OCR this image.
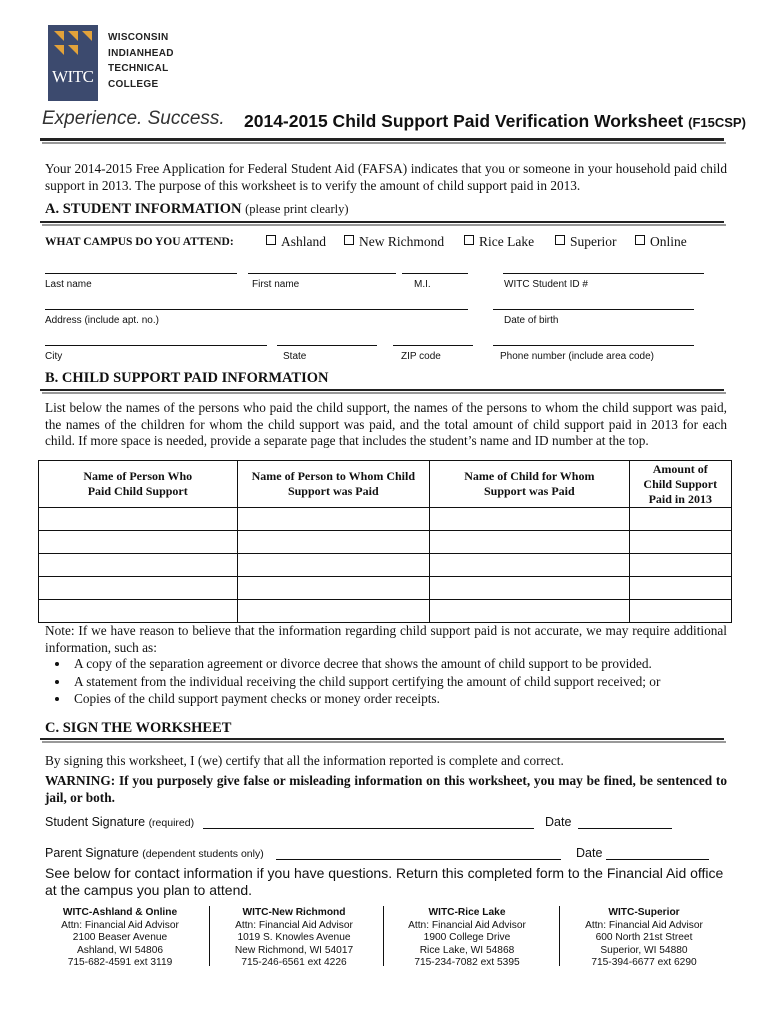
WITC
WISCONSIN
INDIANHEAD
TECHNICAL
COLLEGE
Experience. Success. 2014-2015 Child Support Paid Verification Worksheet (F15CSP)
Your 2014-2015 Free Application for Federal Student Aid (FAFSA) indicates that you or someone in your household paid child support in 2013. The purpose of this worksheet is to verify the amount of child support paid in 2013.
A. STUDENT INFORMATION (please print clearly)
WHAT CAMPUS DO YOU ATTEND:	Ashland	New Richmond	Rice Lake	Superior	Online
Last name	First name	M.I.	WITC Student ID #
Address (include apt. no.)	Date of birth
City	State	ZIP code	Phone number (include area code)
B. CHILD SUPPORT PAID INFORMATION
List below the names of the persons who paid the child support, the names of the persons to whom the child support was paid, the names of the children for whom the child support was paid, and the total amount of child support paid in 2013 for each child. If more space is needed, provide a separate page that includes the student’s name and ID number at the top.
Name of Person Who Paid Child Support	Name of Person to Whom Child Support was Paid	Name of Child for Whom Support was Paid	Amount of Child Support Paid in 2013

Note: If we have reason to believe that the information regarding child support paid is not accurate, we may require additional information, such as:
• A copy of the separation agreement or divorce decree that shows the amount of child support to be provided.
• A statement from the individual receiving the child support certifying the amount of child support received; or
• Copies of the child support payment checks or money order receipts.
C. SIGN THE WORKSHEET
By signing this worksheet, I (we) certify that all the information reported is complete and correct.
WARNING: If you purposely give false or misleading information on this worksheet, you may be fined, be sentenced to jail, or both.
Student Signature (required)	Date
Parent Signature (dependent students only)	Date
See below for contact information if you have questions. Return this completed form to the Financial Aid office at the campus you plan to attend.
WITC-Ashland & Online
Attn: Financial Aid Advisor
2100 Beaser Avenue
Ashland, WI 54806
715-682-4591 ext 3119
WITC-New Richmond
Attn: Financial Aid Advisor
1019 S. Knowles Avenue
New Richmond, WI 54017
715-246-6561 ext 4226
WITC-Rice Lake
Attn: Financial Aid Advisor
1900 College Drive
Rice Lake, WI 54868
715-234-7082 ext 5395
WITC-Superior
Attn: Financial Aid Advisor
600 North 21st Street
Superior, WI 54880
715-394-6677 ext 6290
